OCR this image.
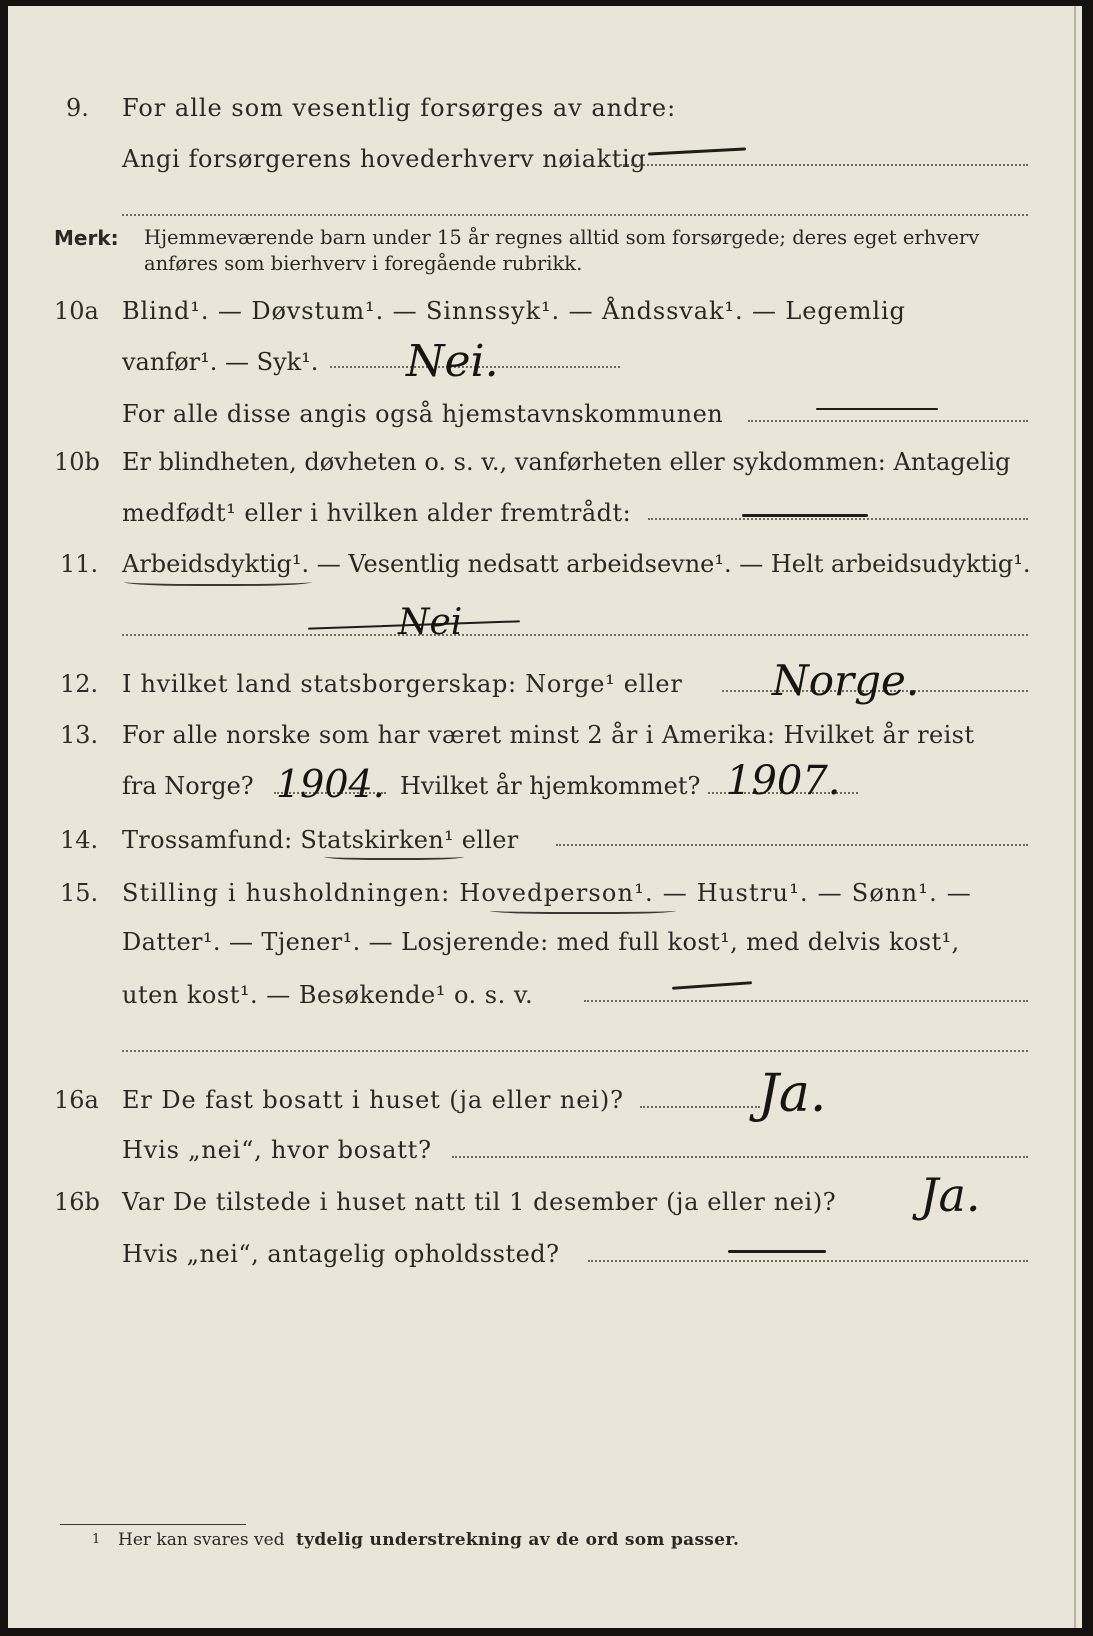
9. For alle som vesentlig forsørges av andre:
Angi forsørgerens hovederhverv nøiaktig
Merk: Hjemmeværende barn under 15 år regnes alltid som forsørgede; deres eget erhverv
anføres som bierhverv i foregående rubrikk.
10a Blind¹. — Døvstum¹. — Sinnssyk¹. — Åndssvak¹. — Legemlig
vanfør¹. — Syk¹. Nei.
For alle disse angis også hjemstavnskommunen
10b Er blindheten, døvheten o. s. v., vanførheten eller sykdommen: Antagelig
medfødt¹ eller i hvilken alder fremtrådt:
11. Arbeidsdyktig¹. — Vesentlig nedsatt arbeidsevne¹. — Helt arbeidsudyktig¹.
Nei
12. I hvilket land statsborgerskap: Norge¹ eller Norge.
13. For alle norske som har været minst 2 år i Amerika: Hvilket år reist
fra Norge? 1904. Hvilket år hjemkommet? 1907.
14. Trossamfund: Statskirken¹ eller
15. Stilling i husholdningen: Hovedperson¹. — Hustru¹. — Sønn¹. —
Datter¹. — Tjener¹. — Losjerende: med full kost¹, med delvis kost¹,
uten kost¹. — Besøkende¹ o. s. v.
16a Er De fast bosatt i huset (ja eller nei)?	Ja.
Hvis „nei“, hvor bosatt?
16b Var De tilstede i huset natt til 1 desember (ja eller nei)? Ja.
Hvis „nei“, antagelig opholdssted?
1 Her kan svares ved tydelig understrekning av de ord som passer.
